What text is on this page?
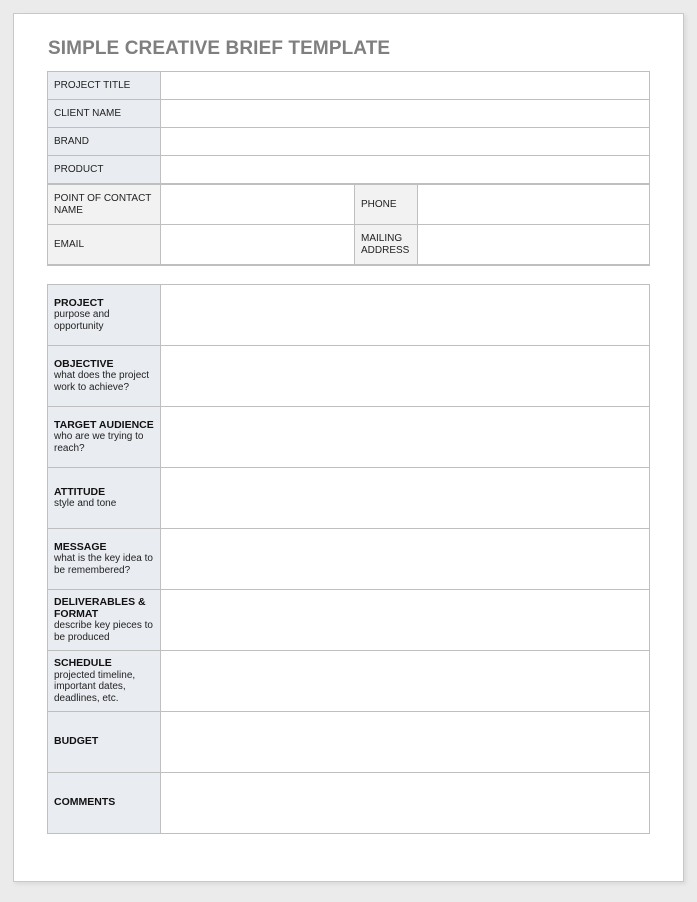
SIMPLE CREATIVE BRIEF TEMPLATE
PROJECT TITLE			
CLIENT NAME			
BRAND			
PRODUCT			
POINT OF CONTACT NAME		PHONE	
EMAIL		MAILING ADDRESS	
PROJECT
purpose and opportunity	

OBJECTIVE
what does the project work to achieve?	

TARGET AUDIENCE
who are we trying to reach?	

ATTITUDE
style and tone	

MESSAGE
what is the key idea to be remembered?	

DELIVERABLES & FORMAT
describe key pieces to be produced	

SCHEDULE
projected timeline, important dates, deadlines, etc.	

BUDGET	

COMMENTS	
